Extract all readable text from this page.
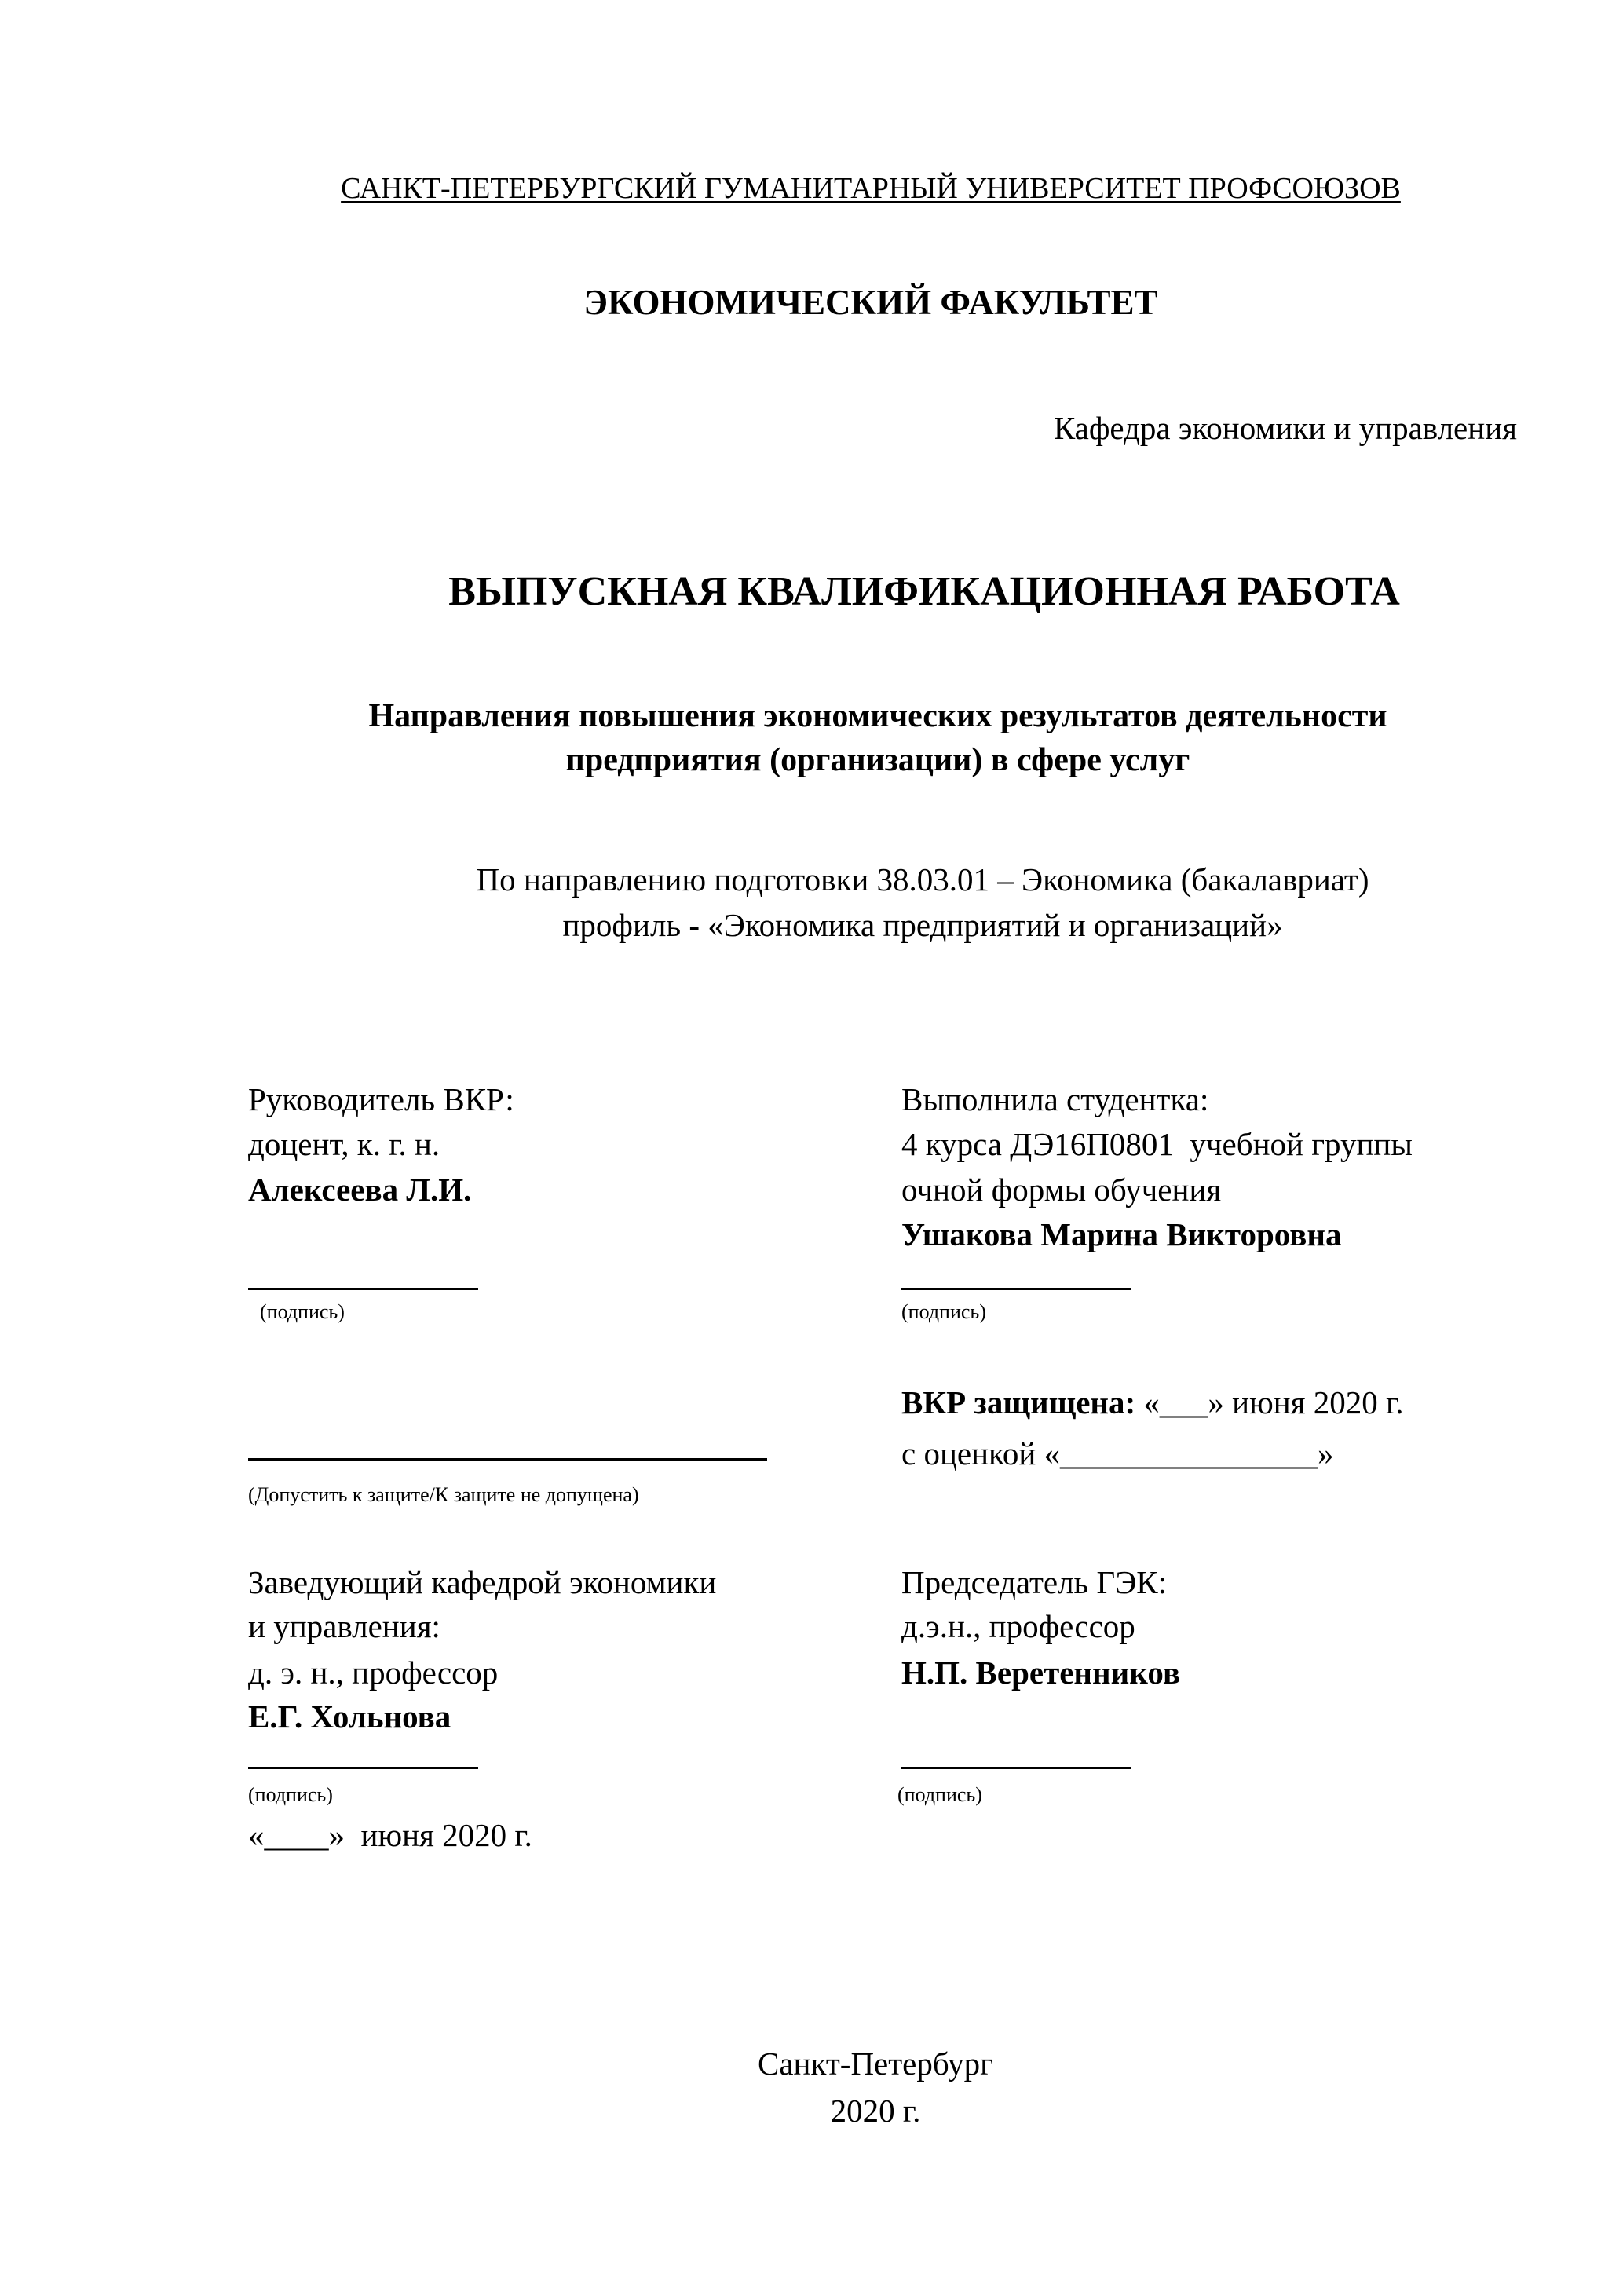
САНКТ-ПЕТЕРБУРГСКИЙ ГУМАНИТАРНЫЙ УНИВЕРСИТЕТ ПРОФСОЮЗОВ
ЭКОНОМИЧЕСКИЙ ФАКУЛЬТЕТ
Кафедра экономики и управления
ВЫПУСКНАЯ КВАЛИФИКАЦИОННАЯ РАБОТА
Направления повышения экономических результатов деятельности
предприятия (организации) в сфере услуг
По направлению подготовки 38.03.01 – Экономика (бакалавриат)
профиль - «Экономика предприятий и организаций»
Руководитель ВКР:
доцент, к. г. н.
Алексеева Л.И.
(подпись)
Выполнила студентка:
4 курса ДЭ16П0801  учебной группы
очной формы обучения
Ушакова Марина Викторовна
(подпись)
ВКР защищена: «___» июня 2020 г.
с оценкой «________________»
(Допустить к защите/К защите не допущена)
Заведующий кафедрой экономики
и управления:
д. э. н., профессор
Е.Г. Хольнова
(подпись)
«____»  июня 2020 г.
Председатель ГЭК:
д.э.н., профессор
Н.П. Веретенников
(подпись)
Санкт-Петербург
2020 г.
